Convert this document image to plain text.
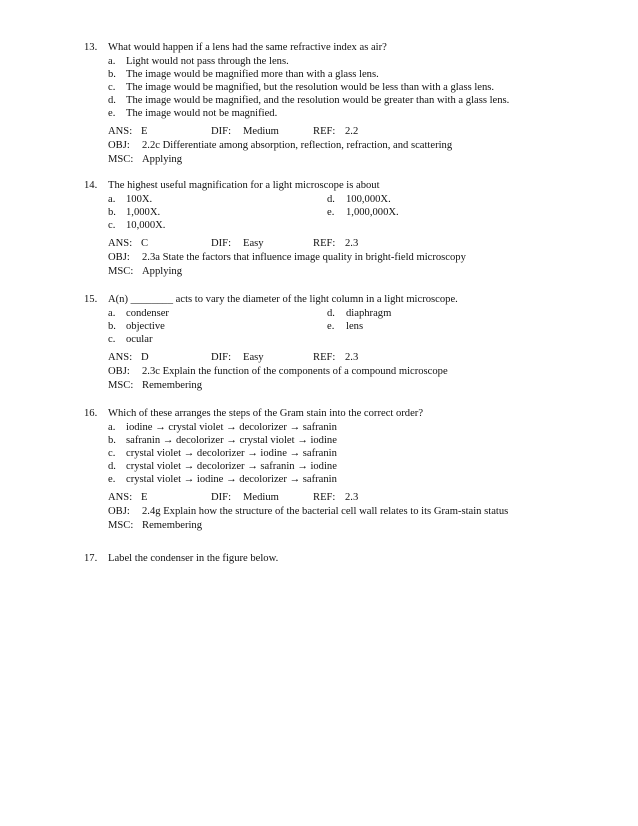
13. What would happen if a lens had the same refractive index as air?
a. Light would not pass through the lens.
b. The image would be magnified more than with a glass lens.
c. The image would be magnified, but the resolution would be less than with a glass lens.
d. The image would be magnified, and the resolution would be greater than with a glass lens.
e. The image would not be magnified.
ANS: E	DIF: Medium	REF: 2.2
OBJ: 2.2c Differentiate among absorption, reflection, refraction, and scattering
MSC: Applying
14. The highest useful magnification for a light microscope is about
a. 100X.	d. 100,000X.
b. 1,000X.	e. 1,000,000X.
c. 10,000X.
ANS: C	DIF: Easy	REF: 2.3
OBJ: 2.3a State the factors that influence image quality in bright-field microscopy
MSC: Applying
15. A(n) ________ acts to vary the diameter of the light column in a light microscope.
a. condenser	d. diaphragm
b. objective	e. lens
c. ocular
ANS: D	DIF: Easy	REF: 2.3
OBJ: 2.3c Explain the function of the components of a compound microscope
MSC: Remembering
16. Which of these arranges the steps of the Gram stain into the correct order?
a. iodine → crystal violet → decolorizer → safranin
b. safranin → decolorizer → crystal violet → iodine
c. crystal violet → decolorizer → iodine → safranin
d. crystal violet → decolorizer → safranin → iodine
e. crystal violet → iodine → decolorizer → safranin
ANS: E	DIF: Medium	REF: 2.3
OBJ: 2.4g Explain how the structure of the bacterial cell wall relates to its Gram-stain status
MSC: Remembering
17. Label the condenser in the figure below.
